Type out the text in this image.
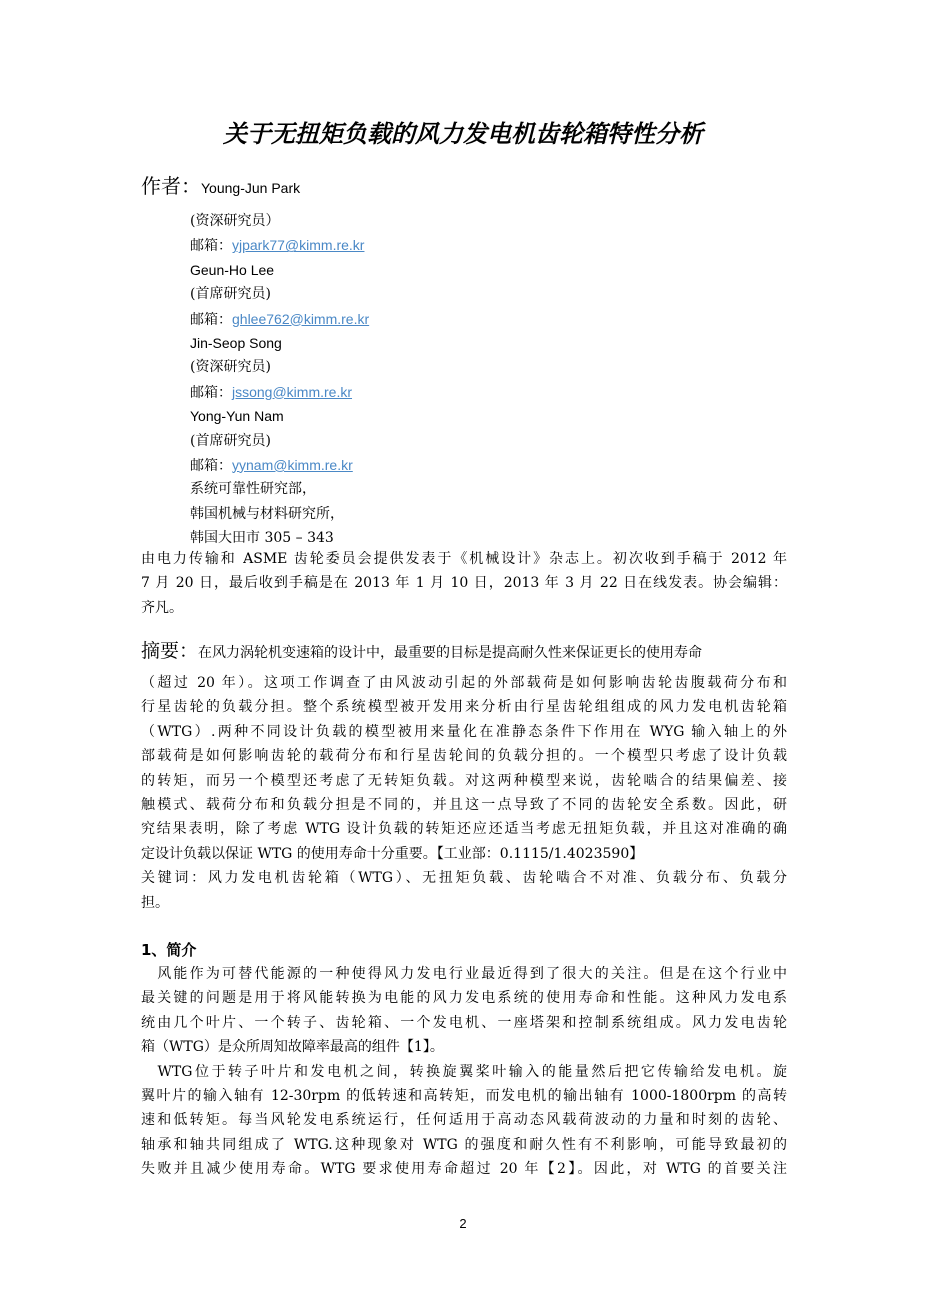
关于无扭矩负载的风力发电机齿轮箱特性分析
作者：Young-Jun Park
(资深研究员）
邮箱：yjpark77@kimm.re.kr
Geun-Ho Lee
(首席研究员)
邮箱：ghlee762@kimm.re.kr
Jin-Seop Song
(资深研究员)
邮箱：jssong@kimm.re.kr
Yong-Yun Nam
(首席研究员)
邮箱：yynam@kimm.re.kr
系统可靠性研究部，
韩国机械与材料研究所，
韩国大田市 305 – 343
由电力传输和 ASME 齿轮委员会提供发表于《机械设计》杂志上。初次收到手稿于 2012 年
7 月 20 日，最后收到手稿是在 2013 年 1 月 10 日，2013 年 3 月 22 日在线发表。协会编辑：
齐凡。
摘要：在风力涡轮机变速箱的设计中，最重要的目标是提高耐久性来保证更长的使用寿命
（超过 20 年）。这项工作调查了由风波动引起的外部载荷是如何影响齿轮齿腹载荷分布和
行星齿轮的负载分担。整个系统模型被开发用来分析由行星齿轮组组成的风力发电机齿轮箱
（WTG）.两种不同设计负载的模型被用来量化在准静态条件下作用在 WYG 输入轴上的外
部载荷是如何影响齿轮的载荷分布和行星齿轮间的负载分担的。一个模型只考虑了设计负载
的转矩，而另一个模型还考虑了无转矩负载。对这两种模型来说，齿轮啮合的结果偏差、接
触模式、载荷分布和负载分担是不同的，并且这一点导致了不同的齿轮安全系数。因此，研
究结果表明，除了考虑 WTG 设计负载的转矩还应还适当考虑无扭矩负载，并且这对准确的确
定设计负载以保证 WTG 的使用寿命十分重要。【工业部：0.1115/1.4023590】
关键词：风力发电机齿轮箱（WTG）、无扭矩负载、齿轮啮合不对准、负载分布、负载分
担。
1、简介
　风能作为可替代能源的一种使得风力发电行业最近得到了很大的关注。但是在这个行业中
最关键的问题是用于将风能转换为电能的风力发电系统的使用寿命和性能。这种风力发电系
统由几个叶片、一个转子、齿轮箱、一个发电机、一座塔架和控制系统组成。风力发电齿轮
箱（WTG）是众所周知故障率最高的组件【1】。
　WTG位于转子叶片和发电机之间，转换旋翼桨叶输入的能量然后把它传输给发电机。旋
翼叶片的输入轴有 12-30rpm 的低转速和高转矩，而发电机的输出轴有 1000-1800rpm 的高转
速和低转矩。每当风轮发电系统运行，任何适用于高动态风载荷波动的力量和时刻的齿轮、
轴承和轴共同组成了 WTG.这种现象对 WTG 的强度和耐久性有不利影响，可能导致最初的
失败并且减少使用寿命。WTG 要求使用寿命超过 20 年【2】。因此，对 WTG 的首要关注
2
